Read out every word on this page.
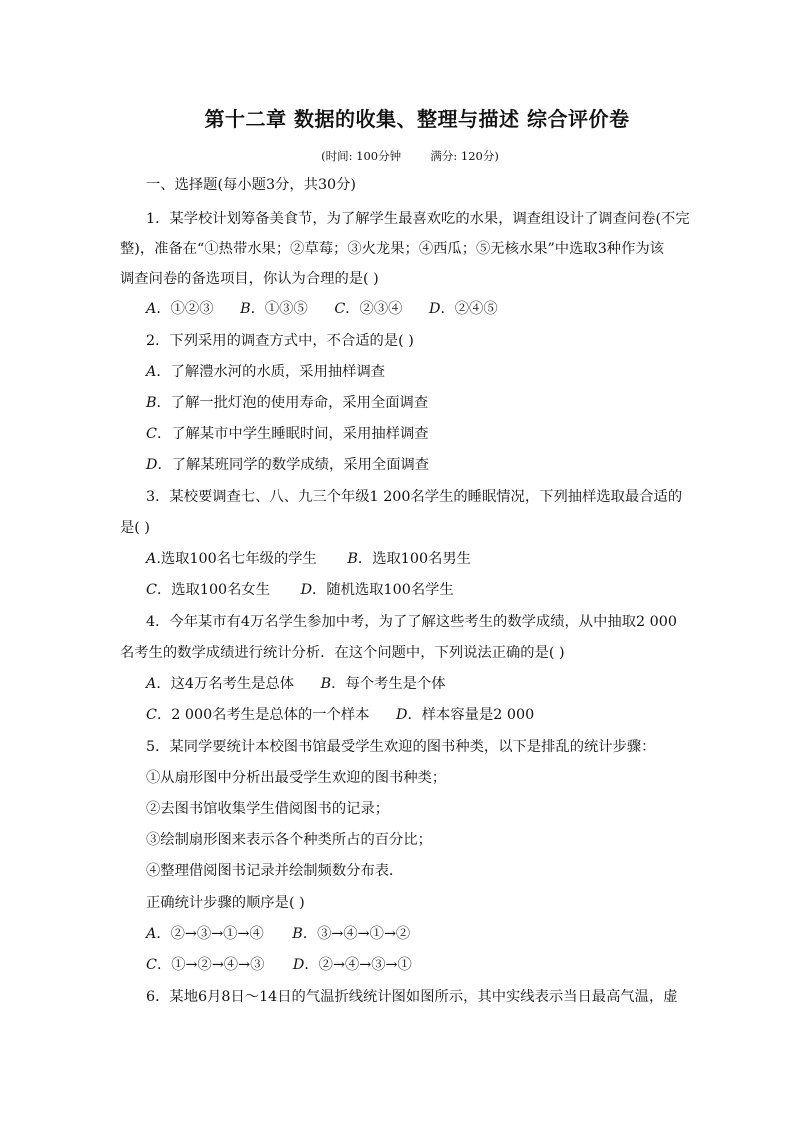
第十二章 数据的收集、整理与描述 综合评价卷
(时间: 100分钟        满分: 120分)
一、选择题(每小题3分，共30分)
1．某学校计划筹备美食节，为了解学生最喜欢吃的水果，调查组设计了调查问卷(不完
整)，准备在“①热带水果；②草莓；③火龙果；④西瓜；⑤无核水果”中选取3种作为该
调查问卷的备选项目，你认为合理的是( )
A．①②③ B．①③⑤ C．②③④ D．②④⑤
2．下列采用的调查方式中，不合适的是( )
A．了解澧水河的水质，采用抽样调查
B．了解一批灯泡的使用寿命，采用全面调查
C．了解某市中学生睡眠时间，采用抽样调查
D．了解某班同学的数学成绩，采用全面调查
3．某校要调查七、八、九三个年级1 200名学生的睡眠情况，下列抽样选取最合适的
是( )
A.选取100名七年级的学生 B．选取100名男生
C．选取100名女生 D．随机选取100名学生
4．今年某市有4万名学生参加中考，为了了解这些考生的数学成绩，从中抽取2 000
名考生的数学成绩进行统计分析．在这个问题中，下列说法正确的是( )
A．这4万名考生是总体 B．每个考生是个体
C．2 000名考生是总体的一个样本 D．样本容量是2 000
5．某同学要统计本校图书馆最受学生欢迎的图书种类，以下是排乱的统计步骤：
①从扇形图中分析出最受学生欢迎的图书种类；
②去图书馆收集学生借阅图书的记录；
③绘制扇形图来表示各个种类所占的百分比；
④整理借阅图书记录并绘制频数分布表．
正确统计步骤的顺序是( )
A．②→③→①→④ B．③→④→①→②
C．①→②→④→③ D．②→④→③→①
6．某地6月8日～14日的气温折线统计图如图所示，其中实线表示当日最高气温，虚
